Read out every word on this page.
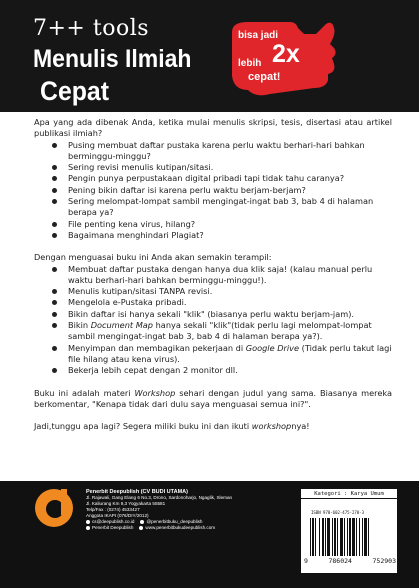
7++ tools
Menulis Ilmiah
Cepat
bisa jadi
2x
lebih
cepat!

Apa yang ada dibenak Anda, ketika mulai menulis skripsi, tesis, disertasi atau artikel publikasi ilmiah?

Pusing membuat daftar pustaka karena perlu waktu berhari-hari bahkan berminggu-minggu?
Sering revisi menulis kutipan/sitasi.
Pengin punya perpustakaan digital pribadi tapi tidak tahu caranya?
Pening bikin daftar isi karena perlu waktu berjam-berjam?
Sering melompat-lompat sambil mengingat-ingat bab 3, bab 4 di halaman berapa ya?
File penting kena virus, hilang?
Bagaimana menghindari Plagiat?

Dengan menguasai buku ini Anda akan semakin terampil:

Membuat daftar pustaka dengan hanya dua klik saja! (kalau manual perlu waktu berhari-hari bahkan berminggu-minggu!).
Menulis kutipan/sitasi TANPA revisi.
Mengelola e-Pustaka pribadi.
Bikin daftar isi hanya sekali "klik" (biasanya perlu waktu berjam-jam).
Bikin Document Map hanya sekali "klik"(tidak perlu lagi melompat-lompat sambil mengingat-ingat bab 3, bab 4 di halaman berapa ya?).
Menyimpan dan membagikan pekerjaan di Google Drive (Tidak perlu takut lagi file hilang atau kena virus).
Bekerja lebih cepat dengan 2 monitor dll.

Buku ini adalah materi Workshop sehari dengan judul yang sama. Biasanya mereka berkomentar, "Kenapa tidak dari dulu saya menguasai semua ini?".

Jadi,tunggu apa lagi? Segera miliki buku ini dan ikuti workshopnya!

Penerbit Deepublish (CV BUDI UTAMA)
Jl. Rajawali, Gang Elang 6 No.3, Drono, Sardonoharjo, Ngaglik, Sleman
Jl. Kaliurang Km 9,3 Yogyakarta 55581
Telp/Fax : (0274) 4533427
Anggota IKAPI (076/DIY/2012)
cs@deepublish.co.id	@penerbitbuku_deepublish
Penerbit Deepublish	www.penerbitbukudeepublish.com
Kategori : Karya Umum
ISBN 978-602-475-270-3
9	786024	752903
